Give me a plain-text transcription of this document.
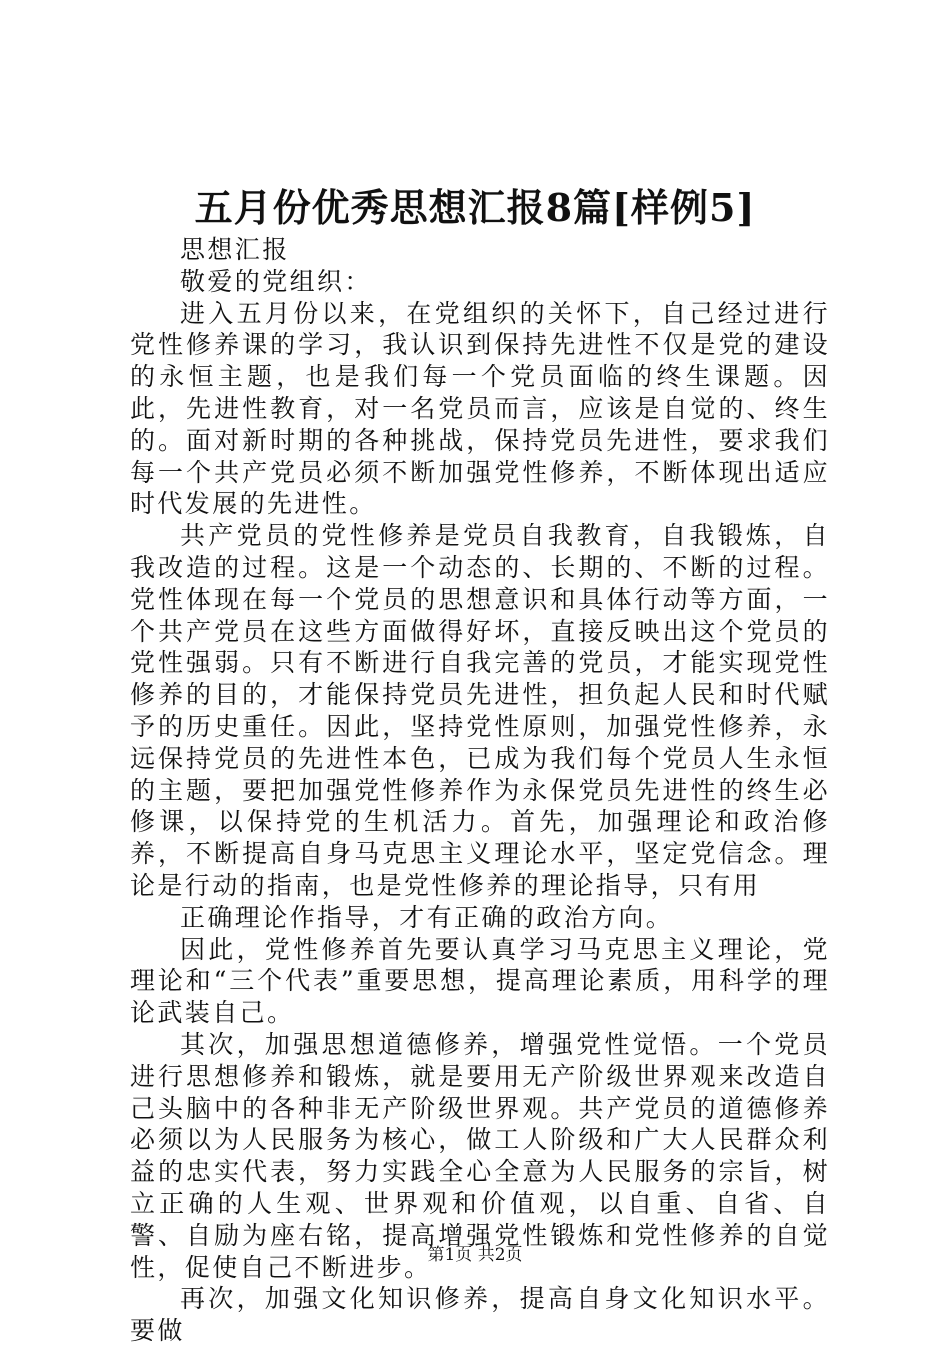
五月份优秀思想汇报8篇[样例5]

思想汇报

敬爱的党组织：

进入五月份以来，在党组织的关怀下，自己经过进行党性修养课的学习，我认识到保持先进性不仅是党的建设的永恒主题，也是我们每一个党员面临的终生课题。因此，先进性教育，对一名党员而言，应该是自觉的、终生的。面对新时期的各种挑战，保持党员先进性，要求我们每一个共产党员必须不断加强党性修养，不断体现出适应时代发展的先进性。

共产党员的党性修养是党员自我教育，自我锻炼，自我改造的过程。这是一个动态的、长期的、不断的过程。党性体现在每一个党员的思想意识和具体行动等方面，一个共产党员在这些方面做得好坏，直接反映出这个党员的党性强弱。只有不断进行自我完善的党员，才能实现党性修养的目的，才能保持党员先进性，担负起人民和时代赋予的历史重任。因此，坚持党性原则，加强党性修养，永远保持党员的先进性本色，已成为我们每个党员人生永恒的主题，要把加强党性修养作为永保党员先进性的终生必修课，以保持党的生机活力。首先，加强理论和政治修养，不断提高自身马克思主义理论水平，坚定党信念。理论是行动的指南，也是党性修养的理论指导，只有用

正确理论作指导，才有正确的政治方向。

因此，党性修养首先要认真学习马克思主义理论，党理论和“三个代表”重要思想，提高理论素质，用科学的理论武装自己。

其次，加强思想道德修养，增强党性觉悟。一个党员进行思想修养和锻炼，就是要用无产阶级世界观来改造自己头脑中的各种非无产阶级世界观。共产党员的道德修养必须以为人民服务为核心，做工人阶级和广大人民群众利益的忠实代表，努力实践全心全意为人民服务的宗旨，树立正确的人生观、世界观和价值观，以自重、自省、自警、自励为座右铭，提高增强党性锻炼和党性修养的自觉性，促使自己不断进步。

再次，加强文化知识修养，提高自身文化知识水平。要做

第1页 共2页
